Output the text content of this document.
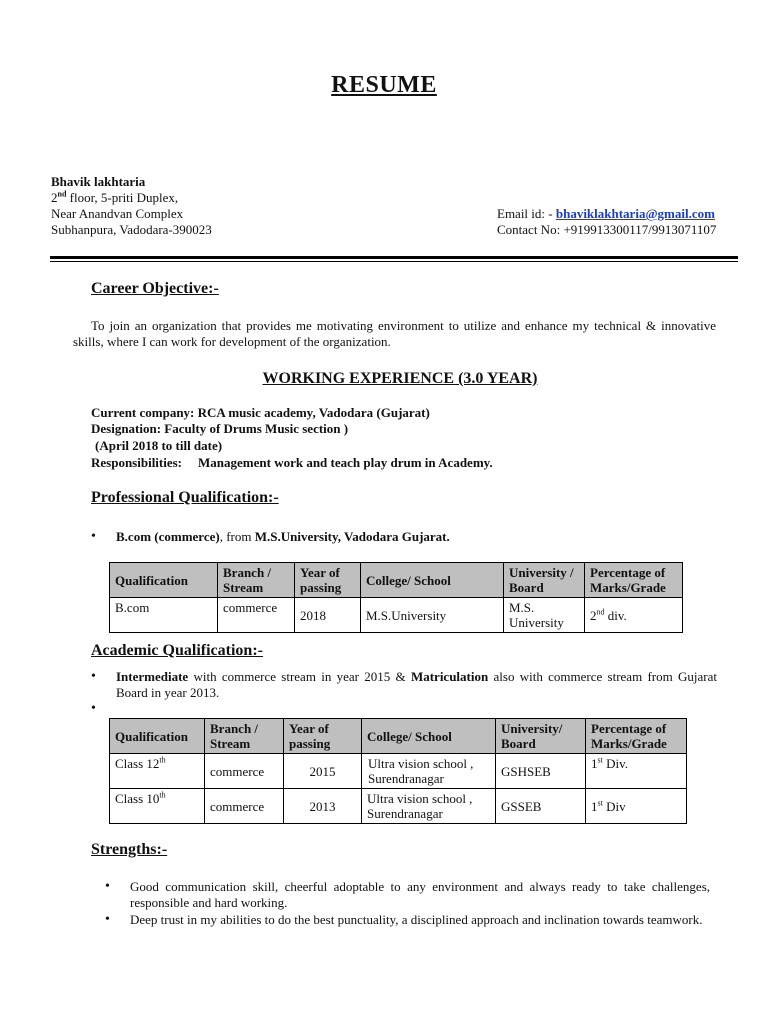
RESUME
Bhavik lakhtaria
2nd floor, 5-priti Duplex,
Near Anandvan Complex
Subhanpura, Vadodara-390023
Email id: - bhaviklakhtaria@gmail.com
Contact No: +919913300117/9913071107
Career Objective:-
To join an organization that provides me motivating environment to utilize and enhance my technical & innovative skills, where I can work for development of the organization.
WORKING EXPERIENCE (3.0 YEAR)
Current company: RCA music academy, Vadodara (Gujarat)
Designation: Faculty of Drums Music section )
(April 2018 to till date)
Responsibilities: Management work and teach play drum in Academy.
Professional Qualification:-
• B.com (commerce), from M.S.University, Vadodara Gujarat.
Qualification	Branch / Stream	Year of passing	College/ School	University / Board	Percentage of Marks/Grade
B.com	commerce	2018	M.S.University	M.S. University	2nd div.
Academic Qualification:-
• Intermediate with commerce stream in year 2015 & Matriculation also with commerce stream from Gujarat Board in year 2013.
•
Qualification	Branch / Stream	Year of passing	College/ School	University/ Board	Percentage of Marks/Grade
Class 12th	commerce	2015	Ultra vision school , Surendranagar	GSHSEB	1st Div.
Class 10th	commerce	2013	Ultra vision school , Surendranagar	GSSEB	1st Div
Strengths:-
• Good communication skill, cheerful adoptable to any environment and always ready to take challenges, responsible and hard working.
• Deep trust in my abilities to do the best punctuality, a disciplined approach and inclination towards teamwork.
